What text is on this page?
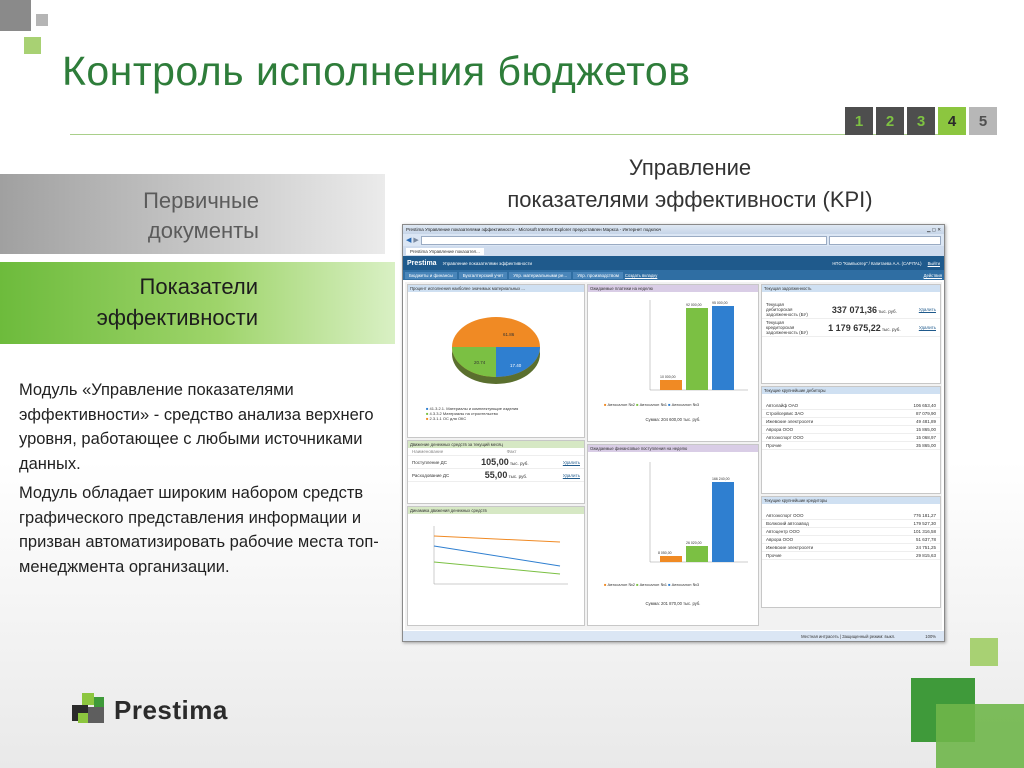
Контроль исполнения бюджетов
1	2	3	4	5
Первичные
документы
Показатели
эффективности

Модуль «Управление показателями эффективности» - средство анализа верхнего уровня, работающее с любыми источниками данных.

Модуль обладает широким набором средств графического представления информации и призван автоматизировать рабочие места топ-менеджмента организации.

Управление
показателями эффективности (KPI)
Prestima
Prestima Управление показателями эффективности - Microsoft Internet Explorer предоставлен Маркса - Интернет подключ	▁ ▢ ✕
◀ ▶
Prestima Управление показател...
Prestima Управление показателями эффективности	НПО "Компьютер" / Капитаева А.А. (CAPITAL) Выйти
Бюджеты и финансы	Бухгалтерский учет	Упр. материальными ре...	Упр. производством	Создать вкладку	Действия
Процент исполнения наиболее значимых материальных ...
61.86
20.74
17.40
■ 41.3.2.1. Материалы и комплектующие изделия
■ 4.3.3.2 Материалы на строительство
■ 2.3.1.1 ОС для ОКС
Движение денежных средств за текущий месяц
Наименование	Факт
Поступление ДС	105,00 тыс. руб.	Удалить
Расходование ДС	55,00 тыс. руб.	Удалить
Динамика движения денежных средств
Ожидаемые платежи на неделю
10 000,00
92 000,00	95 000,00
■ Автосалон №2 ■ Автосалон №1 ■ Автосалон №3
Сумма: 204 600,00 тыс. руб.
Ожидаемые финансовые поступления на неделю
8 050,00
26 020,00
166 240,00
■ Автосалон №2 ■ Автосалон №1 ■ Автосалон №3
Сумма: 201 870,00 тыс. руб.
Текущая задолженность
Текущая дебиторская задолженность (БУ)	337 071,36 тыс. руб.	Удалить
Текущая кредиторская задолженность (БУ) 1 179 675,22 тыс. руб.	Удалить
Текущие крупнейшие дебиторы
Автолайф ОАО	106 653,40
Стройсервис ЗАО	87 079,90
Ижевские электросети	49 481,89
Аврора ООО	15 865,00
Автоэкспорт ООО	15 068,97
Прочие	35 865,00
Текущие крупнейшие кредиторы
Автоэкспорт ООО	776 181,27
Волжский автозавод	179 527,30
Автоцентр ООО	101 316,58
Аврора ООО	51 637,78
Ижевские электросети	24 751,25
Прочие	29 815,63
Местная интрасеть | Защищенный режим: выкл.	100%
